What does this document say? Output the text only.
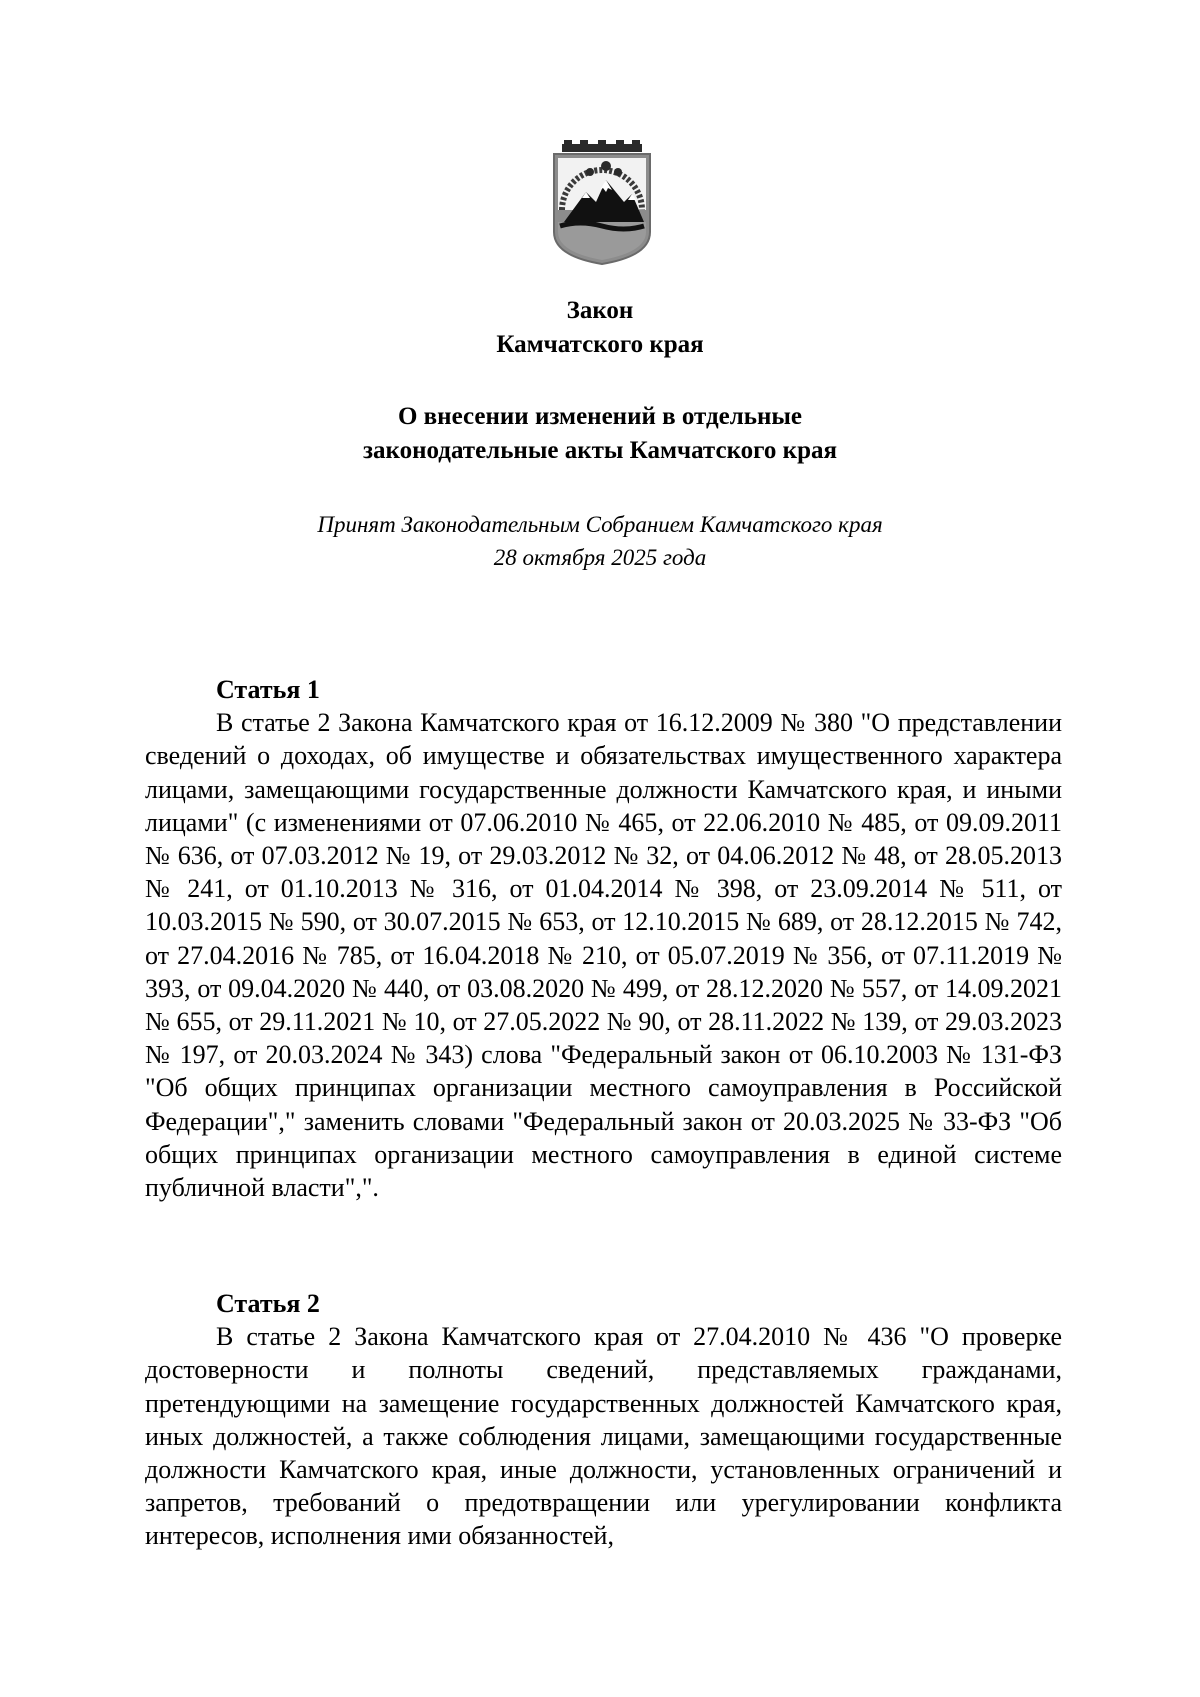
Закон
Камчатского края
О внесении изменений в отдельные
законодательные акты Камчатского края
Принят Законодательным Собранием Камчатского края
28 октября 2025 года
Статья 1

В статье 2 Закона Камчатского края от 16.12.2009 № 380 "О представлении сведений о доходах, об имуществе и обязательствах имущественного характера лицами, замещающими государственные должности Камчатского края, и иными лицами" (с изменениями от 07.06.2010 № 465, от 22.06.2010 № 485, от 09.09.2011 № 636, от 07.03.2012 № 19, от 29.03.2012 № 32, от 04.06.2012 № 48, от 28.05.2013 № 241, от 01.10.2013 № 316, от 01.04.2014 № 398, от 23.09.2014 № 511, от 10.03.2015 № 590, от 30.07.2015 № 653, от 12.10.2015 № 689, от 28.12.2015 № 742, от 27.04.2016 № 785, от 16.04.2018 № 210, от 05.07.2019 № 356, от 07.11.2019 № 393, от 09.04.2020 № 440, от 03.08.2020 № 499, от 28.12.2020 № 557, от 14.09.2021 № 655, от 29.11.2021 № 10, от 27.05.2022 № 90, от 28.11.2022 № 139, от 29.03.2023 № 197, от 20.03.2024 № 343) слова "Федеральный закон от 06.10.2003 № 131-ФЗ "Об общих принципах организации местного самоуправления в Российской Федерации"," заменить словами "Федеральный закон от 20.03.2025 № 33-ФЗ "Об общих принципах организации местного самоуправления в единой системе публичной власти",".

Статья 2

В статье 2 Закона Камчатского края от 27.04.2010 № 436 "О проверке достоверности и полноты сведений, представляемых гражданами, претендующими на замещение государственных должностей Камчатского края, иных должностей, а также соблюдения лицами, замещающими государственные должности Камчатского края, иные должности, установленных ограничений и запретов, требований о предотвращении или урегулировании конфликта интересов, исполнения ими обязанностей,
